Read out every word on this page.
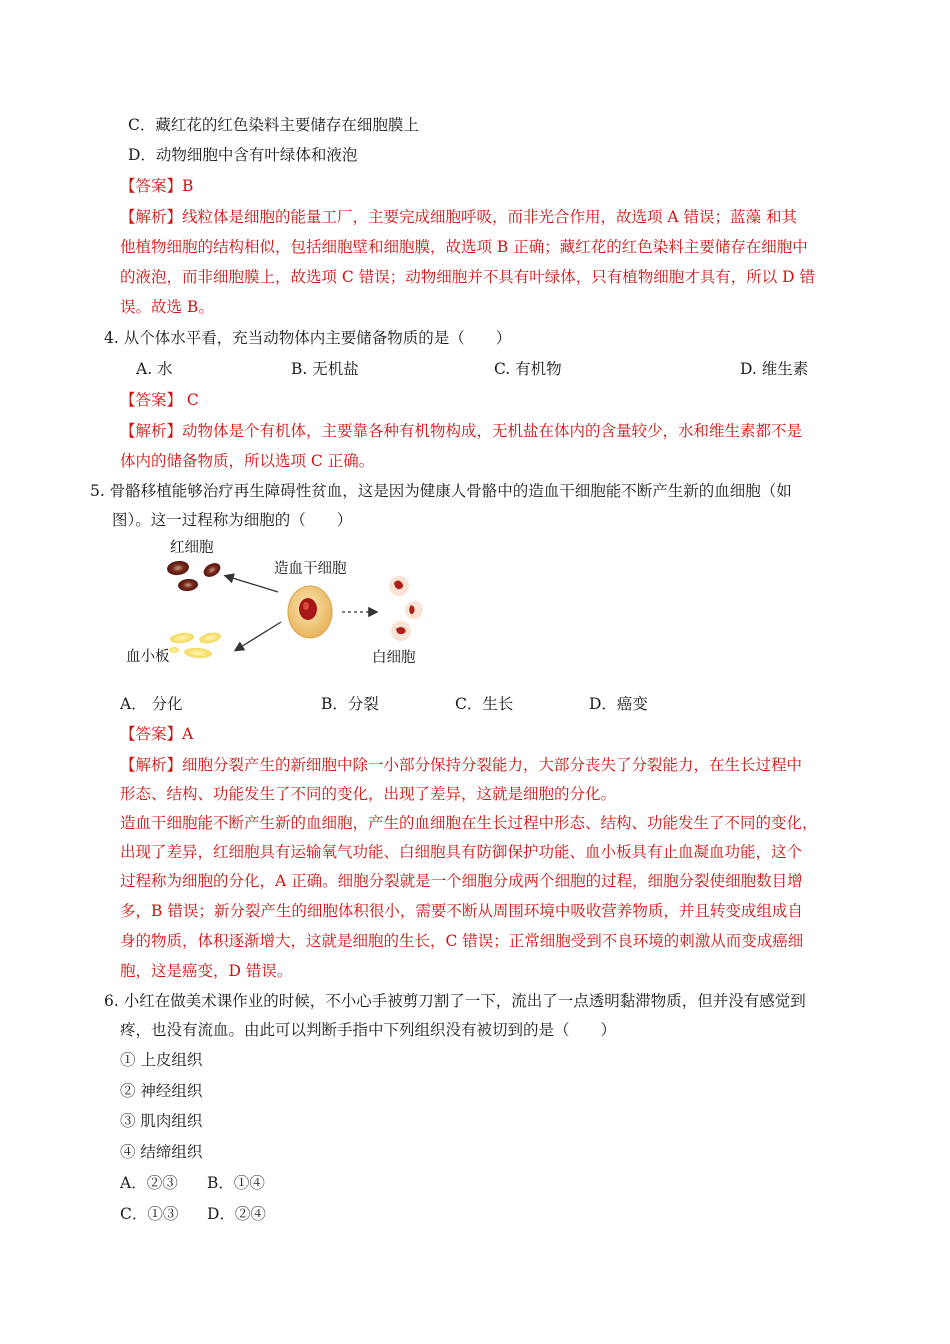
C．藏红花的红色染料主要储存在细胞膜上
D．动物细胞中含有叶绿体和液泡
【答案】B
【解析】线粒体是细胞的能量工厂，主要完成细胞呼吸，而非光合作用，故选项 A 错误；蓝藻 和其
他植物细胞的结构相似，包括细胞壁和细胞膜，故选项 B 正确；藏红花的红色染料主要储存在细胞中
的液泡，而非细胞膜上，故选项 C 错误；动物细胞并不具有叶绿体，只有植物细胞才具有，所以 D 错
误。故选 B。
4. 从个体水平看，充当动物体内主要储备物质的是（　　）
A. 水	B. 无机盐	C. 有机物	D. 维生素
【答案】 C
【解析】动物体是个有机体，主要靠各种有机物构成，无机盐在体内的含量较少，水和维生素都不是
体内的储备物质，所以选项 C 正确。
5. 骨骼移植能够治疗再生障碍性贫血，这是因为健康人骨骼中的造血干细胞能不断产生新的血细胞（如
图）。这一过程称为细胞的（　　）
红细胞
造血干细胞
血小板	白细胞
A． 分化	B．分裂	C．生长	D．癌变
【答案】A
【解析】细胞分裂产生的新细胞中除一小部分保持分裂能力，大部分丧失了分裂能力，在生长过程中
形态、结构、功能发生了不同的变化，出现了差异，这就是细胞的分化。
造血干细胞能不断产生新的血细胞，产生的血细胞在生长过程中形态、结构、功能发生了不同的变化，
出现了差异，红细胞具有运输氧气功能、白细胞具有防御保护功能、血小板具有止血凝血功能，这个
过程称为细胞的分化，A 正确。细胞分裂就是一个细胞分成两个细胞的过程，细胞分裂使细胞数目增
多，B 错误；新分裂产生的细胞体积很小，需要不断从周围环境中吸收营养物质，并且转变成组成自
身的物质，体积逐渐增大，这就是细胞的生长，C 错误；正常细胞受到不良环境的刺激从而变成癌细
胞，这是癌变，D 错误。
6. 小红在做美术课作业的时候，不小心手被剪刀割了一下，流出了一点透明黏滞物质，但并没有感觉到
疼，也没有流血。由此可以判断手指中下列组织没有被切到的是（　　）
① 上皮组织
② 神经组织
③ 肌肉组织
④ 结缔组织
A．②③ B．①④
C．①③ D．②④
